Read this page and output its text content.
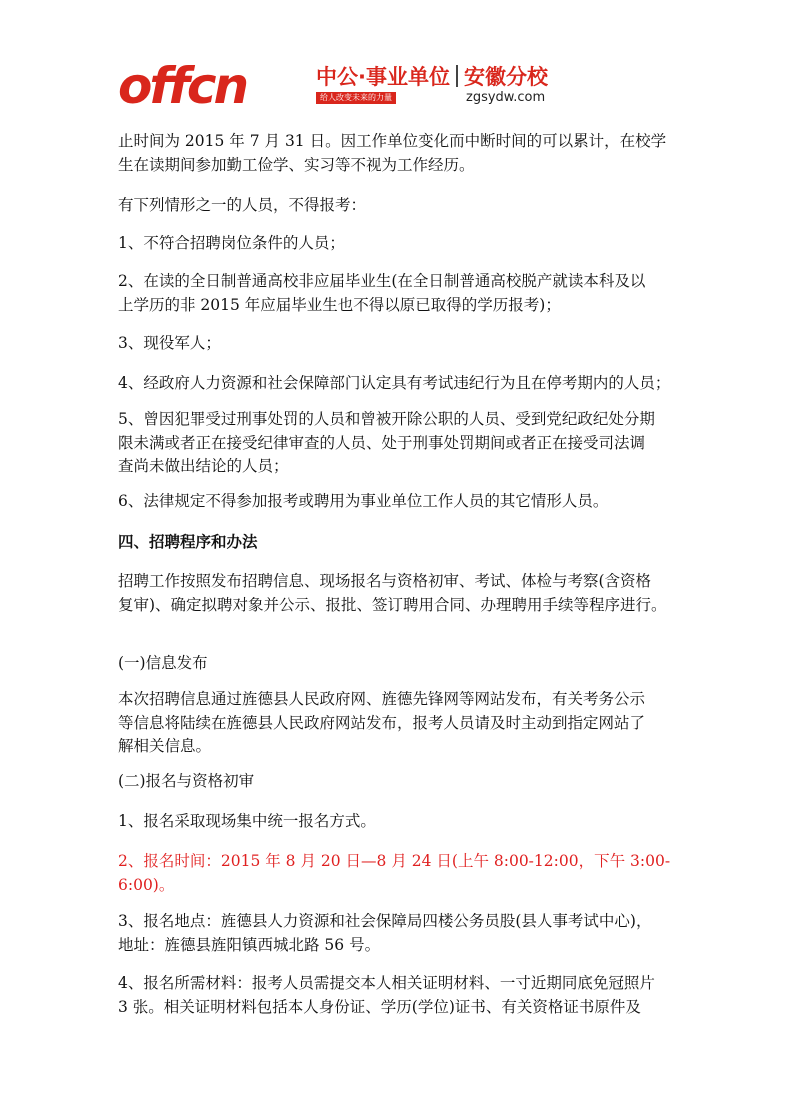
offcn	中公·事业单位 安徽分校
给人改变未来的力量	zgsydw.com

止时间为 2015 年 7 月 31 日。因工作单位变化而中断时间的可以累计，在校学

生在读期间参加勤工俭学、实习等不视为工作经历。

有下列情形之一的人员，不得报考：

1、不符合招聘岗位条件的人员；

2、在读的全日制普通高校非应届毕业生(在全日制普通高校脱产就读本科及以

上学历的非 2015 年应届毕业生也不得以原已取得的学历报考)；

3、现役军人；

4、经政府人力资源和社会保障部门认定具有考试违纪行为且在停考期内的人员；

5、曾因犯罪受过刑事处罚的人员和曾被开除公职的人员、受到党纪政纪处分期

限未满或者正在接受纪律审查的人员、处于刑事处罚期间或者正在接受司法调

查尚未做出结论的人员；

6、法律规定不得参加报考或聘用为事业单位工作人员的其它情形人员。

四、招聘程序和办法

招聘工作按照发布招聘信息、现场报名与资格初审、考试、体检与考察(含资格

复审)、确定拟聘对象并公示、报批、签订聘用合同、办理聘用手续等程序进行。

(一)信息发布

本次招聘信息通过旌德县人民政府网、旌德先锋网等网站发布，有关考务公示

等信息将陆续在旌德县人民政府网站发布，报考人员请及时主动到指定网站了

解相关信息。

(二)报名与资格初审

1、报名采取现场集中统一报名方式。

2、报名时间：2015 年 8 月 20 日—8 月 24 日(上午 8:00-12:00，下午 3:00-

6:00)。

3、报名地点：旌德县人力资源和社会保障局四楼公务员股(县人事考试中心)，

地址：旌德县旌阳镇西城北路 56 号。

4、报名所需材料：报考人员需提交本人相关证明材料、一寸近期同底免冠照片

3 张。相关证明材料包括本人身份证、学历(学位)证书、有关资格证书原件及
